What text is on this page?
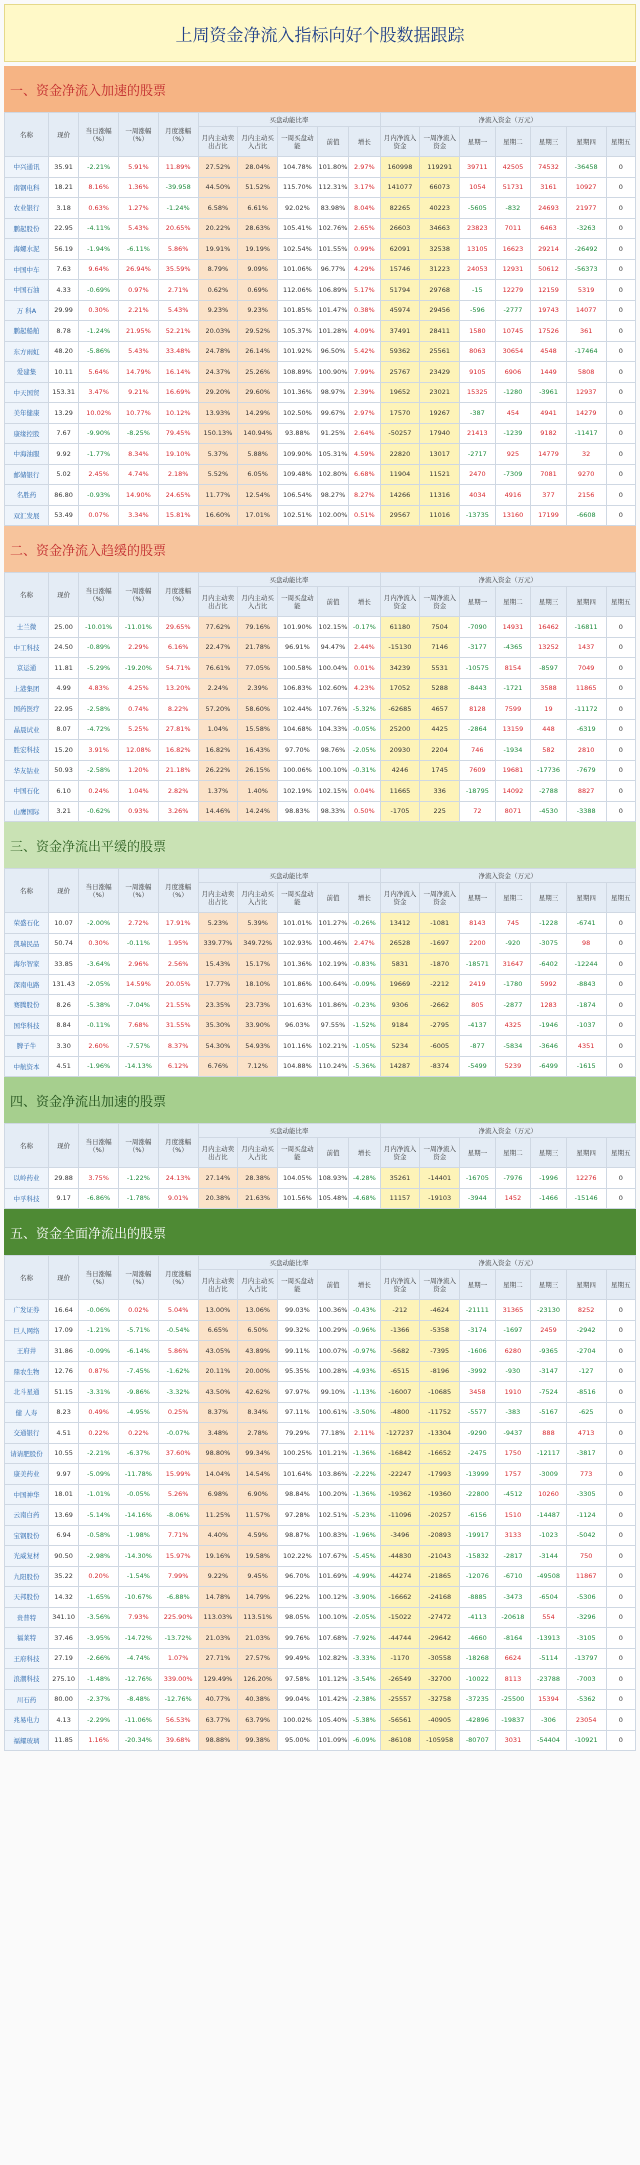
上周资金净流入指标向好个股数据跟踪
一、资金净流入加速的股票
名称	现价	当日涨幅（%）	一周涨幅（%）	月度涨幅（%）	买盘动能比率					净流入资金（万元）						
					月内主动卖出占比	月内主动买入占比	一周买盘动能	前值	增长	月内净流入资金	一周净流入资金	星期一	星期二	星期三	星期四	星期五
中兴通讯	35.91	-2.21%	5.91%	11.89%	27.52%	28.04%	104.78%	101.80%	2.97%	160998	119291	39711	42505	74532	-36458	0
南钢电科	18.21	8.16%	1.36%	-39.958	44.50%	51.52%	115.70%	112.31%	3.17%	141077	66073	1054	51731	3161	10927	0
农业银行	3.18	0.63%	1.27%	-1.24%	6.58%	6.61%	92.02%	83.98%	8.04%	82265	40223	-5605	-832	24693	21977	0
鹏起股份	22.95	-4.11%	5.43%	20.65%	20.22%	28.63%	105.41%	102.76%	2.65%	26603	34663	23823	7011	6463	-3263	0
海螺水泥	56.19	-1.94%	-6.11%	5.86%	19.91%	19.19%	102.54%	101.55%	0.99%	62091	32538	13105	16623	29214	-26492	0
中国中车	7.63	9.64%	26.94%	35.59%	8.79%	9.09%	101.06%	96.77%	4.29%	15746	31223	24053	12931	50612	-56373	0
中国石油	4.33	-0.69%	0.97%	2.71%	0.62%	0.69%	112.06%	106.89%	5.17%	51794	29768	-15	12279	12159	5319	0
万 科A	29.99	0.30%	2.21%	5.43%	9.23%	9.23%	101.85%	101.47%	0.38%	45974	29456	-596	-2777	19743	14077	0
鹏起船舶	8.78	-1.24%	21.95%	52.21%	20.03%	29.52%	105.37%	101.28%	4.09%	37491	28411	1580	10745	17526	361	0
东方雨虹	48.20	-5.86%	5.43%	33.48%	24.78%	26.14%	101.92%	96.50%	5.42%	59362	25561	8063	30654	4548	-17464	0
爱建集	10.11	5.64%	14.79%	16.14%	24.37%	25.26%	108.89%	100.90%	7.99%	25767	23429	9105	6906	1449	5808	0
中天国贸	153.31	3.47%	9.21%	16.69%	29.20%	29.60%	101.36%	98.97%	2.39%	19652	23021	15325	-1280	-3961	12937	0
美年健康	13.29	10.02%	10.77%	10.12%	13.93%	14.29%	102.50%	99.67%	2.97%	17570	19267	-387	454	4941	14279	0
康缘控股	7.67	-9.90%	-8.25%	79.45%	150.13%	140.94%	93.88%	91.25%	2.64%	-50257	17940	21413	-1239	9182	-11417	0
中海油服	9.92	-1.77%	8.34%	19.10%	5.37%	5.88%	109.90%	105.31%	4.59%	22820	13017	-2717	925	14779	32	0
邮储银行	5.02	2.45%	4.74%	2.18%	5.52%	6.05%	109.48%	102.80%	6.68%	11904	11521	2470	-7309	7081	9270	0
名胜药	86.80	-0.93%	14.90%	24.65%	11.77%	12.54%	106.54%	98.27%	8.27%	14266	11316	4034	4916	377	2156	0
双汇发展	53.49	0.07%	3.34%	15.81%	16.60%	17.01%	102.51%	102.00%	0.51%	29567	11016	-13735	13160	17199	-6608	0
二、资金净流入趋缓的股票
名称	现价	当日涨幅（%）	一周涨幅（%）	月度涨幅（%）	买盘动能比率					净流入资金（万元）						
					月内主动卖出占比	月内主动买入占比	一周买盘动能	前值	增长	月内净流入资金	一周净流入资金	星期一	星期二	星期三	星期四	星期五
士兰微	25.00	-10.01%	-11.01%	29.65%	77.62%	79.16%	101.90%	102.15%	-0.17%	61180	7504	-7090	14931	16462	-16811	0
中工科技	24.50	-0.89%	2.29%	6.16%	22.47%	21.78%	96.91%	94.47%	2.44%	-15130	7146	-3177	-4365	13252	1437	0
京运通	11.81	-5.29%	-19.20%	54.71%	76.61%	77.05%	100.58%	100.04%	0.01%	34239	5531	-10575	8154	-8597	7049	0
上港集团	4.99	4.83%	4.25%	13.20%	2.24%	2.39%	106.83%	102.60%	4.23%	17052	5288	-8443	-1721	3588	11865	0
国药医疗	22.95	-2.58%	0.74%	8.22%	57.20%	58.60%	102.44%	107.76%	-5.32%	-62685	4657	8128	7599	19	-11172	0
晶晨试业	8.07	-4.72%	5.25%	27.81%	1.04%	15.58%	104.68%	104.33%	-0.05%	25200	4425	-2864	13159	448	-6319	0
胜宏科技	15.20	3.91%	12.08%	16.82%	16.82%	16.43%	97.70%	98.76%	-2.05%	20930	2204	746	-1934	582	2810	0
华友钴业	50.93	-2.58%	1.20%	21.18%	26.22%	26.15%	100.06%	100.10%	-0.31%	4246	1745	7609	19681	-17736	-7679	0
中国石化	6.10	0.24%	1.04%	2.82%	1.37%	1.40%	102.19%	102.15%	0.04%	11665	336	-18795	14092	-2788	8827	0
山鹰国际	3.21	-0.62%	0.93%	3.26%	14.46%	14.24%	98.83%	98.33%	0.50%	-1705	225	72	8071	-4530	-3388	0
三、资金净流出平缓的股票
名称	现价	当日涨幅（%）	一周涨幅（%）	月度涨幅（%）	买盘动能比率					净流入资金（万元）						
					月内主动卖出占比	月内主动买入占比	一周买盘动能	前值	增长	月内净流入资金	一周净流入资金	星期一	星期二	星期三	星期四	星期五
荣盛石化	10.07	-2.00%	2.72%	17.91%	5.23%	5.39%	101.01%	101.27%	-0.26%	13412	-1081	8143	745	-1228	-6741	0
凯瑞民品	50.74	0.30%	-0.11%	1.95%	339.77%	349.72%	102.93%	100.46%	2.47%	26528	-1697	2200	-920	-3075	98	0
海尔智家	33.85	-3.64%	2.96%	2.56%	15.43%	15.17%	101.36%	102.19%	-0.83%	5831	-1870	-18571	31647	-6402	-12244	0
深南电路	131.43	-2.05%	14.59%	20.05%	17.77%	18.10%	101.86%	100.64%	-0.09%	19669	-2212	2419	-1780	5992	-8843	0
赛腾股份	8.26	-5.38%	-7.04%	21.55%	23.35%	23.73%	101.63%	101.86%	-0.23%	9306	-2662	805	-2877	1283	-1874	0
国华科技	8.84	-0.11%	7.68%	31.55%	35.30%	33.90%	96.03%	97.55%	-1.52%	9184	-2795	-4137	4325	-1946	-1037	0
脾子牛	3.30	2.60%	-7.57%	8.37%	54.30%	54.93%	101.16%	102.21%	-1.05%	5234	-6005	-877	-5834	-3646	4351	0
中航资本	4.51	-1.96%	-14.13%	6.12%	6.76%	7.12%	104.88%	110.24%	-5.36%	14287	-8374	-5499	5239	-6499	-1615	0
四、资金净流出加速的股票
名称	现价	当日涨幅（%）	一周涨幅（%）	月度涨幅（%）	买盘动能比率					净流入资金（万元）						
					月内主动卖出占比	月内主动买入占比	一周买盘动能	前值	增长	月内净流入资金	一周净流入资金	星期一	星期二	星期三	星期四	星期五
以岭药业	29.88	3.75%	-1.22%	24.13%	27.14%	28.38%	104.05%	108.93%	-4.28%	35261	-14401	-16705	-7976	-1996	12276	0
中孚科技	9.17	-6.86%	-1.78%	9.01%	20.38%	21.63%	101.56%	105.48%	-4.68%	11157	-19103	-3944	1452	-1466	-15146	0
五、资金全面净流出的股票
名称	现价	当日涨幅（%）	一周涨幅（%）	月度涨幅（%）	买盘动能比率					净流入资金（万元）						
					月内主动卖出占比	月内主动买入占比	一周买盘动能	前值	增长	月内净流入资金	一周净流入资金	星期一	星期二	星期三	星期四	星期五
广发证券	16.64	-0.06%	0.02%	5.04%	13.00%	13.06%	99.03%	100.36%	-0.43%	-212	-4624	-21111	31365	-23130	8252	0
巨人网络	17.09	-1.21%	-5.71%	-0.54%	6.65%	6.50%	99.32%	100.29%	-0.96%	-1366	-5358	-3174	-1697	2459	-2942	0
王府井	31.86	-0.09%	-6.14%	5.86%	43.05%	43.89%	99.11%	100.07%	-0.97%	-5682	-7395	-1606	6280	-9365	-2704	0
鼎农生物	12.76	0.87%	-7.45%	-1.62%	20.11%	20.00%	95.35%	100.28%	-4.93%	-6515	-8196	-3992	-930	-3147	-127	0
北斗星通	51.15	-3.31%	-9.86%	-3.32%	43.50%	42.62%	97.97%	99.10%	-1.13%	-16007	-10685	3458	1910	-7524	-8516	0
健 人寿	8.23	0.49%	-4.95%	0.25%	8.37%	8.34%	97.11%	100.61%	-3.50%	-4800	-11752	-5577	-383	-5167	-625	0
交通银行	4.51	0.22%	0.22%	-0.07%	3.48%	2.78%	79.29%	77.18%	2.11%	-127237	-13304	-9290	-9437	888	4713	0
请请肥股份	10.55	-2.21%	-6.37%	37.60%	98.80%	99.34%	100.25%	101.21%	-1.36%	-16842	-16652	-2475	1750	-12117	-3817	0
康美药业	9.97	-5.09%	-11.78%	15.99%	14.04%	14.54%	101.64%	103.86%	-2.22%	-22247	-17993	-13999	1757	-3009	773	0
中国神华	18.01	-1.01%	-0.05%	5.26%	6.98%	6.90%	98.84%	100.20%	-1.36%	-19362	-19360	-22800	-4512	10260	-3305	0
云南白药	13.69	-5.14%	-14.16%	-8.06%	11.25%	11.57%	97.28%	102.51%	-5.23%	-11096	-20257	-6156	1510	-14487	-1124	0
宝钢股份	6.94	-0.58%	-1.98%	7.71%	4.40%	4.59%	98.87%	100.83%	-1.96%	-3496	-20893	-19917	3133	-1023	-5042	0
光威复材	90.50	-2.98%	-14.30%	15.97%	19.16%	19.58%	102.22%	107.67%	-5.45%	-44830	-21043	-15832	-2817	-3144	750	0
九阳股份	35.22	0.20%	-1.54%	7.99%	9.22%	9.45%	96.70%	101.69%	-4.99%	-44274	-21865	-12076	-6710	-49508	11867	0
天邦股份	14.32	-1.65%	-10.67%	-6.88%	14.78%	14.79%	96.22%	100.12%	-3.90%	-16662	-24168	-8885	-3473	-6504	-5306	0
贵普特	341.10	-3.56%	7.93%	225.90%	113.03%	113.51%	98.05%	100.10%	-2.05%	-15022	-27472	-4113	-20618	554	-3296	0
福莱特	37.46	-3.95%	-14.72%	-13.72%	21.03%	21.03%	99.76%	107.68%	-7.92%	-44744	-29642	-4660	-8164	-13913	-3105	0
王府科技	27.19	-2.66%	-4.74%	1.07%	27.71%	27.57%	99.49%	102.82%	-3.33%	-1170	-30558	-18268	6624	-5114	-13797	0
浪潮科技	275.10	-1.48%	-12.76%	339.00%	129.49%	126.20%	97.58%	101.12%	-3.54%	-26549	-32700	-10022	8113	-23788	-7003	0
川石药	80.00	-2.37%	-8.48%	-12.76%	40.77%	40.38%	99.04%	101.42%	-2.38%	-25557	-32758	-37235	-25500	15394	-5362	0
兆易电力	4.13	-2.29%	-11.06%	56.53%	63.77%	63.79%	100.02%	105.40%	-5.38%	-56561	-40905	-42896	-19837	-306	23054	0
福耀玻璃	11.85	1.16%	-20.34%	39.68%	98.88%	99.38%	95.00%	101.09%	-6.09%	-86108	-105958	-80707	3031	-54404	-10921	0
